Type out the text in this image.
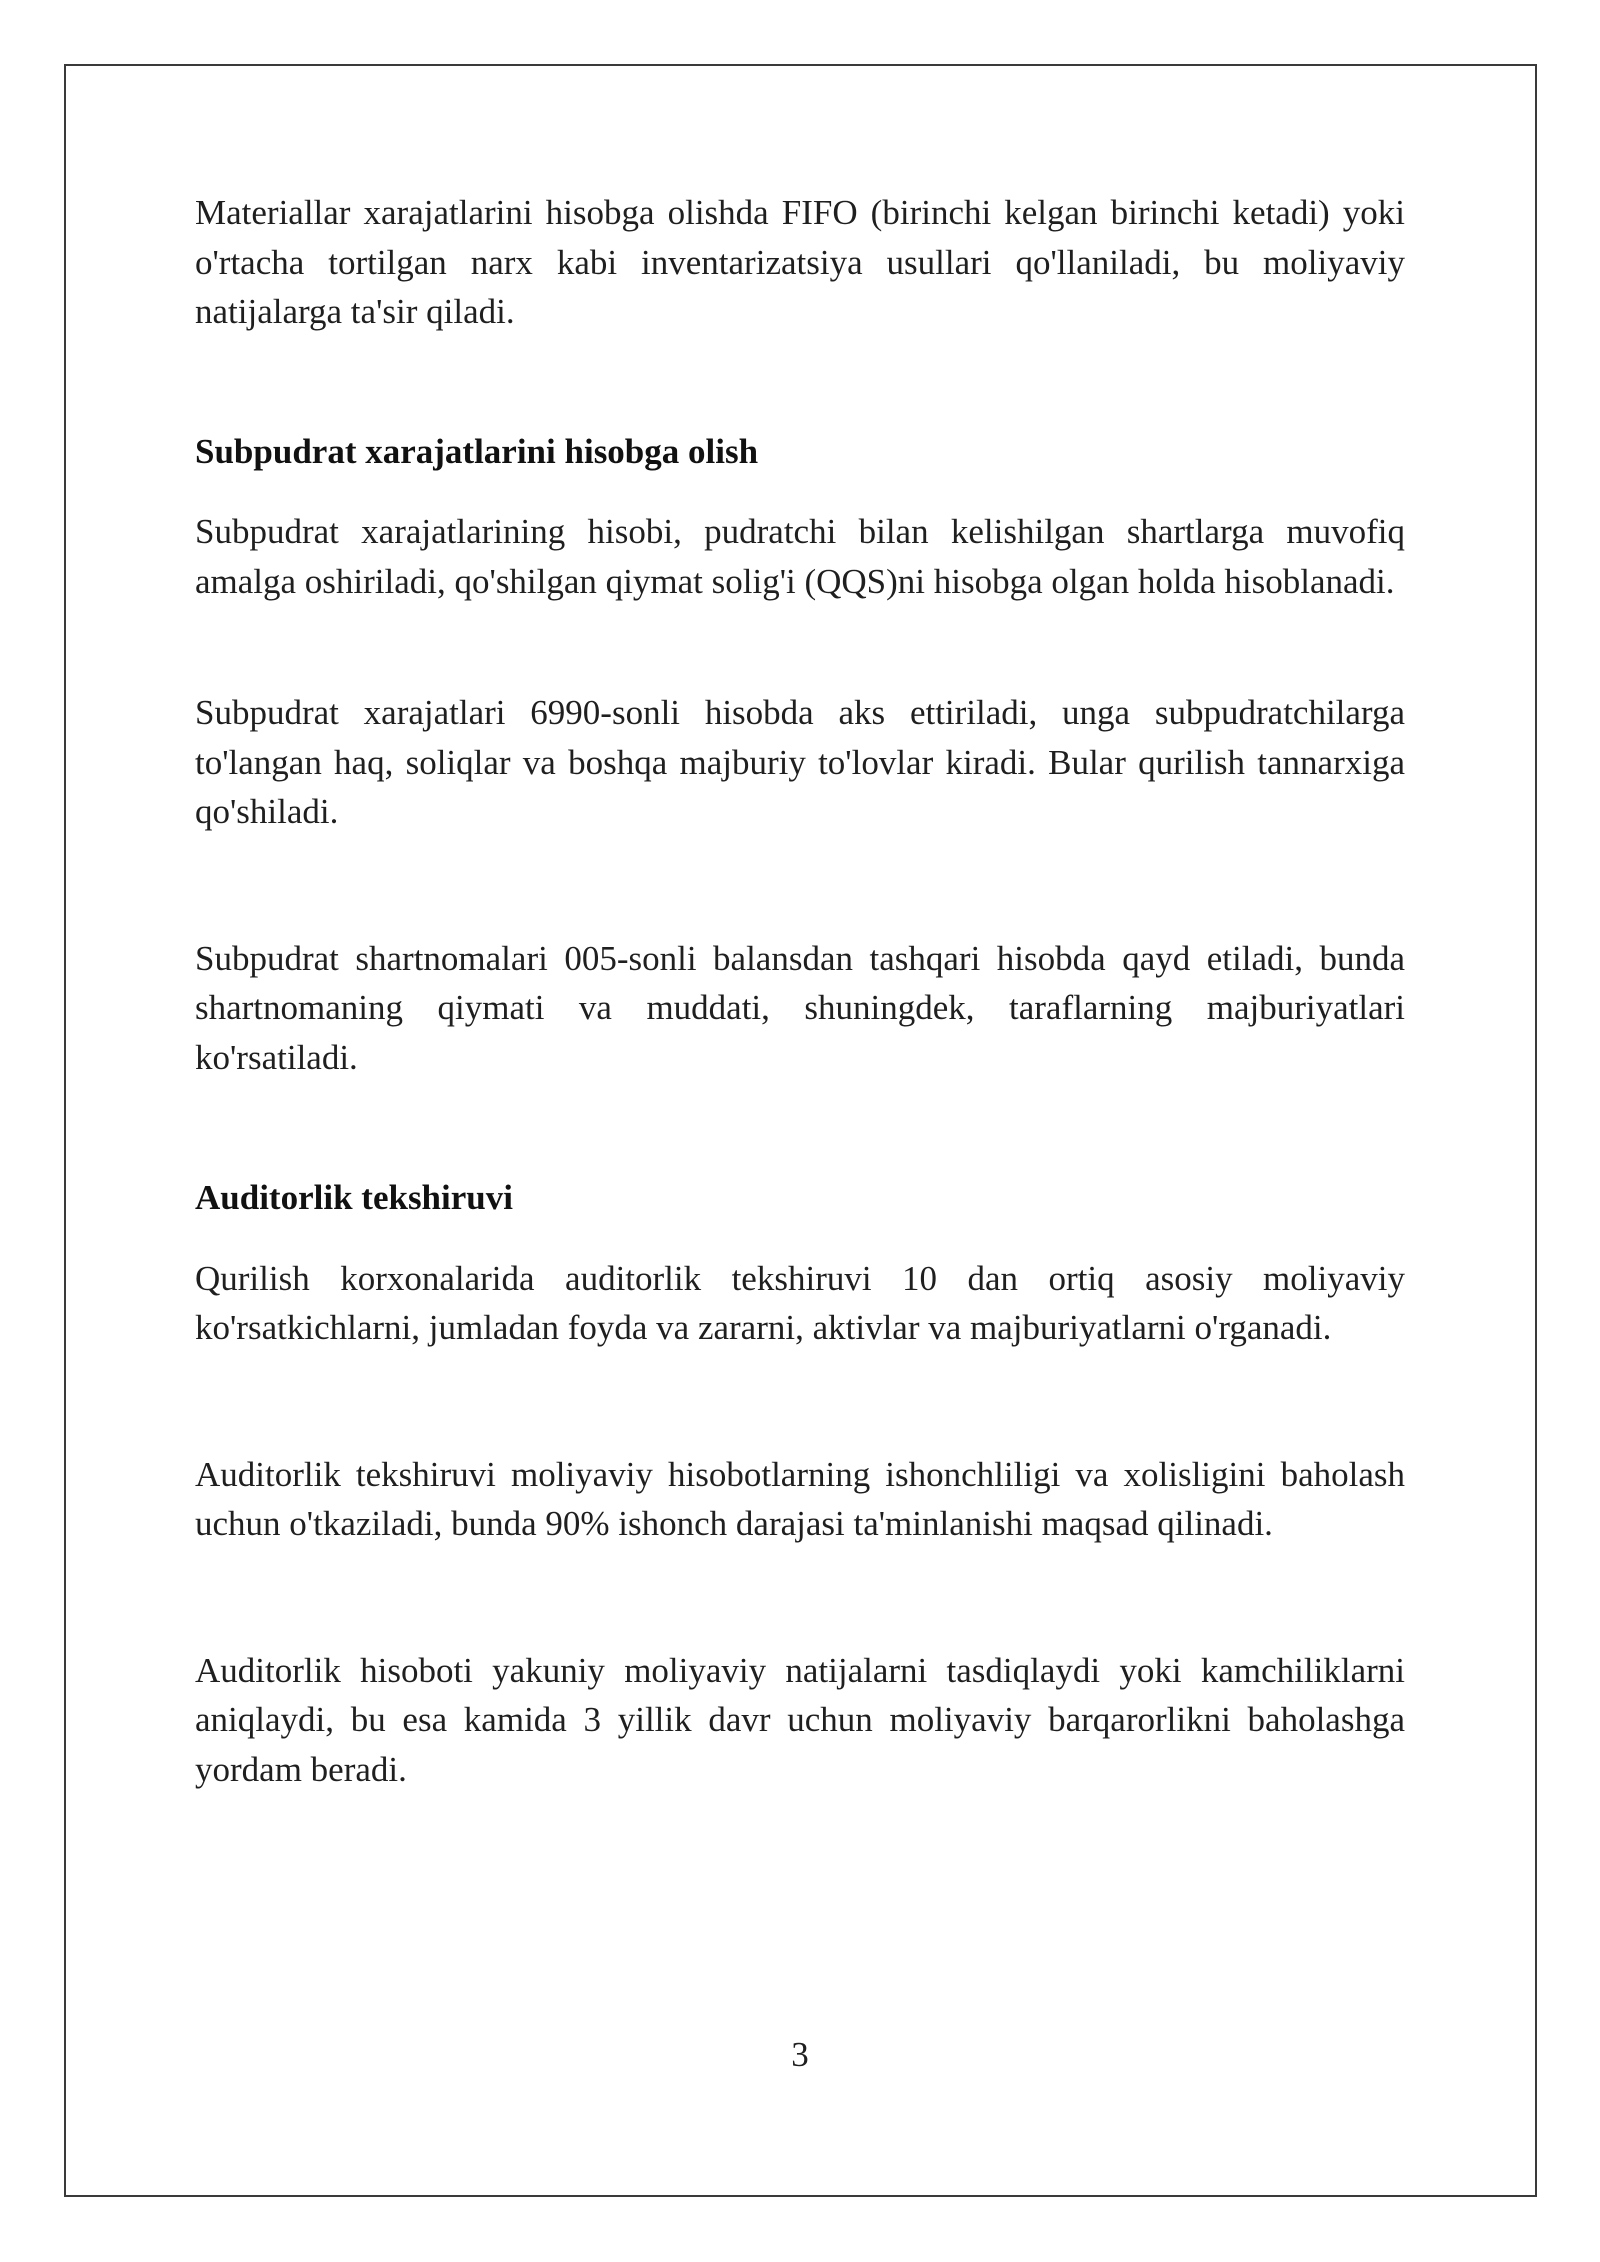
Materiallar xarajatlarini hisobga olishda FIFO (birinchi kelgan birinchi ketadi) yoki o'rtacha tortilgan narx kabi inventarizatsiya usullari qo'llaniladi, bu moliyaviy natijalarga ta'sir qiladi.

Subpudrat xarajatlarini hisobga olish

Subpudrat xarajatlarining hisobi, pudratchi bilan kelishilgan shartlarga muvofiq amalga oshiriladi, qo'shilgan qiymat solig'i (QQS)ni hisobga olgan holda hisoblanadi.

Subpudrat xarajatlari 6990-sonli hisobda aks ettiriladi, unga subpudratchilarga to'langan haq, soliqlar va boshqa majburiy to'lovlar kiradi. Bular qurilish tannarxiga qo'shiladi.

Subpudrat shartnomalari 005-sonli balansdan tashqari hisobda qayd etiladi, bunda shartnomaning qiymati va muddati, shuningdek, taraflarning majburiyatlari ko'rsatiladi.

Auditorlik tekshiruvi

Qurilish korxonalarida auditorlik tekshiruvi 10 dan ortiq asosiy moliyaviy ko'rsatkichlarni, jumladan foyda va zararni, aktivlar va majburiyatlarni o'rganadi.

Auditorlik tekshiruvi moliyaviy hisobotlarning ishonchliligi va xolisligini baholash uchun o'tkaziladi, bunda 90% ishonch darajasi ta'minlanishi maqsad qilinadi.

Auditorlik hisoboti yakuniy moliyaviy natijalarni tasdiqlaydi yoki kamchiliklarni aniqlaydi, bu esa kamida 3 yillik davr uchun moliyaviy barqarorlikni baholashga yordam beradi.

3
